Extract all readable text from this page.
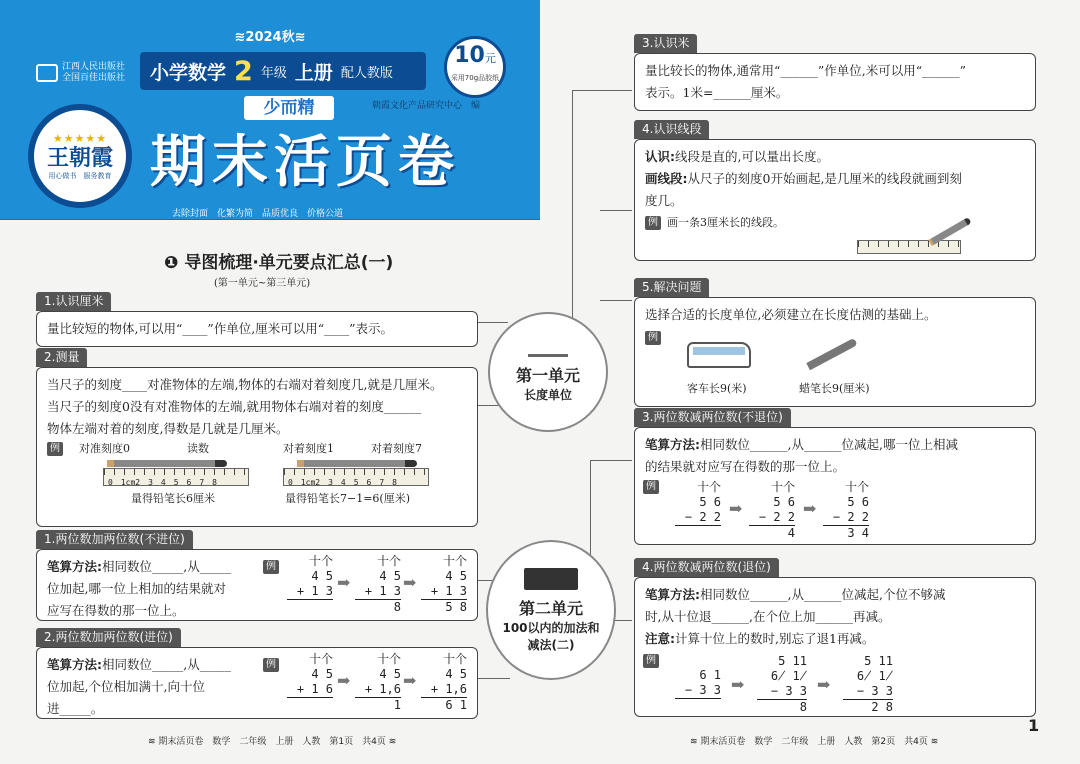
≋2024秋≋
江西人民出版社
全国百佳出版社 小学数学 2 年级 上册 配人教版
10元
采用70g品胶纸
少而精	朝霞文化产品研究中心　编
期末活页卷
★★★★★
王朝霞
用心做书　服务教育
去除封面　化繁为简　品质优良　价格公道
❶ 导图梳理·单元要点汇总(一)
(第一单元~第三单元)
1.认识厘米
量比较短的物体,可以用“____”作单位,厘米可以用“____”表示。
2.测量
当尺子的刻度____对准物体的左端,物体的右端对着刻度几,就是几厘米。
当尺子的刻度0没有对准物体的左端,就用物体右端对着的刻度______
物体左端对着的刻度,得数是几就是几厘米。
例 对准刻度0	读数	对着刻度1	对着刻度7
0　1cm2　3　4　5　6　7　8	0　1cm2　3　4　5　6　7　8
量得铅笔长6厘米	量得铅笔长7−1=6(厘米)
1.两位数加两位数(不进位)
笔算方法:相同数位_____,从_____
位加起,哪一位上相加的结果就对
应写在得数的那一位上。
例	十个
4 5
+ 1 3
➡
十个
4 5
+ 1 3
8
➡
十个
4 5
+ 1 3
5 8
2.两位数加两位数(进位)
笔算方法:相同数位_____,从_____
位加起,个位相加满十,向十位
进_____。
例	十个
4 5
+ 1 6
➡
十个
4 5
+ 1,6
1
➡
十个
4 5
+ 1,6
6 1
第一单元
长度单位
第二单元
100以内的加法和
减法(二)
3.认识米
量比较长的物体,通常用“______”作单位,米可以用“______”
表示。1米=______厘米。
4.认识线段
认识:线段是直的,可以量出长度。
画线段:从尺子的刻度0开始画起,是几厘米的线段就画到刻
度几。
例 画一条3厘米长的线段。
5.解决问题
选择合适的长度单位,必须建立在长度估测的基础上。
例
客车长9(米)	蜡笔长9(厘米)
3.两位数减两位数(不退位)
笔算方法:相同数位______,从______位减起,哪一位上相减
的结果就对应写在得数的那一位上。
例	十个
5 6
− 2 2
➡
十个
5 6
− 2 2
4
➡
十个
5 6
− 2 2
3 4
4.两位数减两位数(退位)
笔算方法:相同数位______,从______位减起,个位不够减
时,从十位退______,在个位上加______再减。
注意:计算十位上的数时,别忘了退1再减。
例
6 1
− 3 3
➡
5 11
6̸ 1̸
− 3 3
8
➡
5 11
6̸ 1̸
− 3 3
2 8
≋ 期末活页卷　数学　二年级　上册　人教　第1页　共4页 ≋	≋ 期末活页卷　数学　二年级　上册　人教　第2页　共4页 ≋
1
